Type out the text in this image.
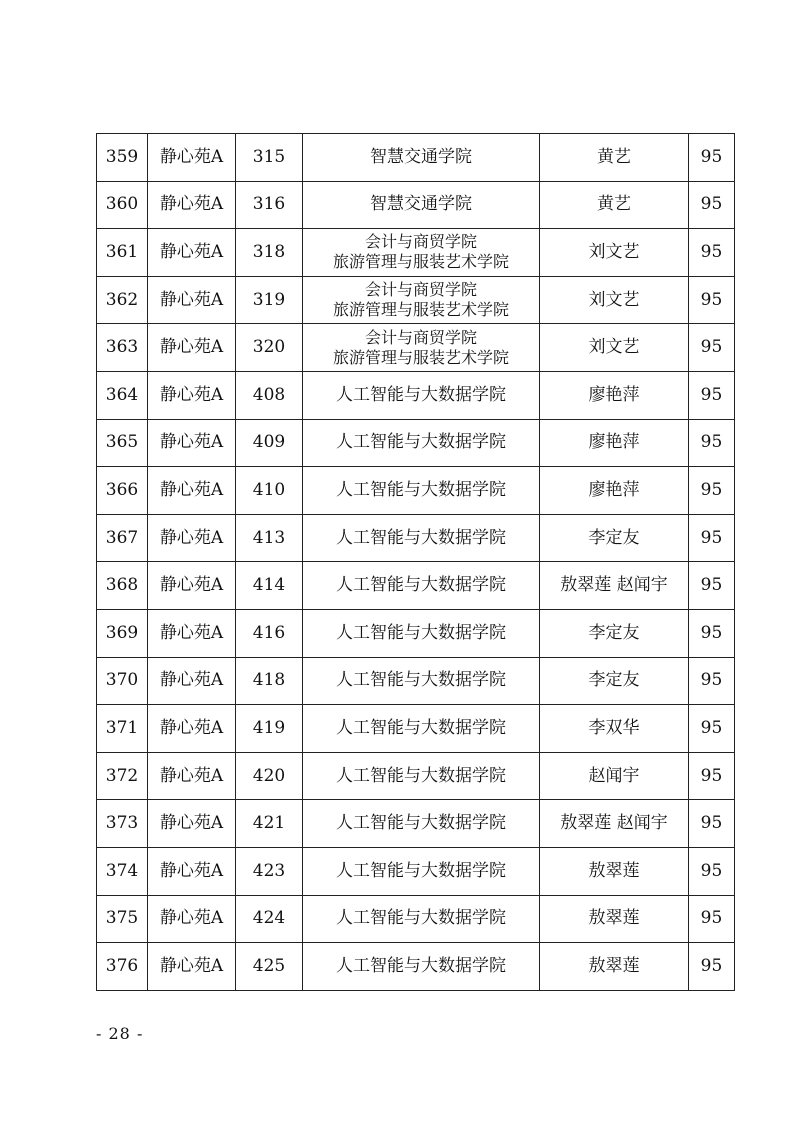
359	静心苑A	315	智慧交通学院	黄艺	95
360	静心苑A	316	智慧交通学院	黄艺	95
361	静心苑A	318	会计与商贸学院
旅游管理与服装艺术学院	刘文艺	95
362	静心苑A	319	会计与商贸学院
旅游管理与服装艺术学院	刘文艺	95
363	静心苑A	320	会计与商贸学院
旅游管理与服装艺术学院	刘文艺	95
364	静心苑A	408	人工智能与大数据学院	廖艳萍	95
365	静心苑A	409	人工智能与大数据学院	廖艳萍	95
366	静心苑A	410	人工智能与大数据学院	廖艳萍	95
367	静心苑A	413	人工智能与大数据学院	李定友	95
368	静心苑A	414	人工智能与大数据学院	敖翠莲 赵闻宇	95
369	静心苑A	416	人工智能与大数据学院	李定友	95
370	静心苑A	418	人工智能与大数据学院	李定友	95
371	静心苑A	419	人工智能与大数据学院	李双华	95
372	静心苑A	420	人工智能与大数据学院	赵闻宇	95
373	静心苑A	421	人工智能与大数据学院	敖翠莲 赵闻宇	95
374	静心苑A	423	人工智能与大数据学院	敖翠莲	95
375	静心苑A	424	人工智能与大数据学院	敖翠莲	95
376	静心苑A	425	人工智能与大数据学院	敖翠莲	95
- 28 -
